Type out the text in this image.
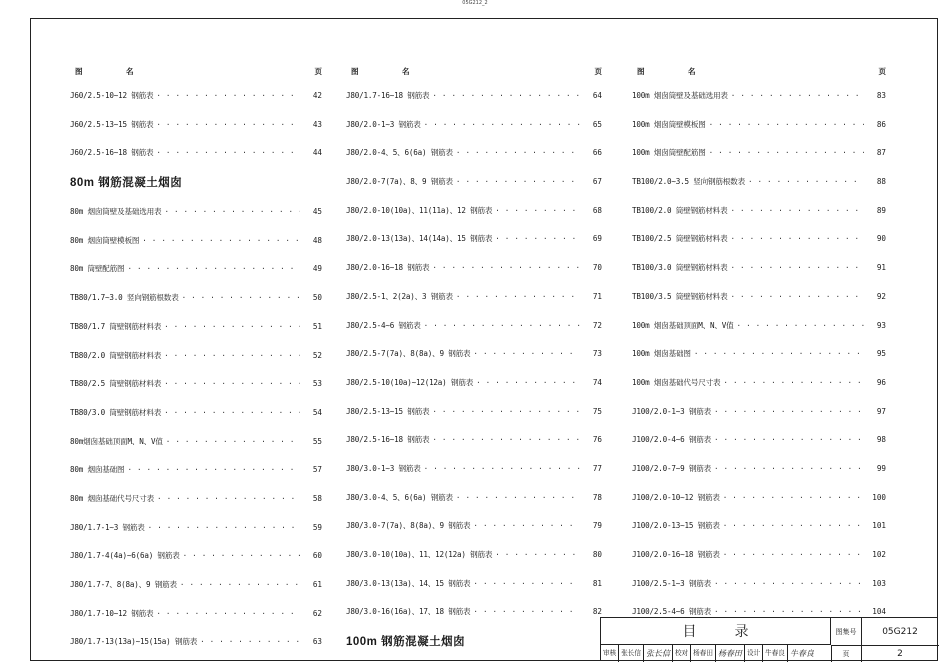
05G212_2
图	名	页
J60/2.5-10~12 钢筋表 · · ·	42
J60/2.5-13~15 钢筋表 · · ·	43
J60/2.5-16~18 钢筋表 · · ·	44
80m 钢筋混凝土烟囱
80m 烟囱筒壁及基础选用表 · · ·	45
80m 烟囱筒壁模板图 · · ·	48
80m 筒壁配筋图 · · ·	49
TB80/1.7~3.0 竖向钢筋根数表 · · ·	50
TB80/1.7 筒壁钢筋材料表 · · ·	51
TB80/2.0 筒壁钢筋材料表 · · ·	52
TB80/2.5 筒壁钢筋材料表 · · ·	53
TB80/3.0 筒壁钢筋材料表 · · ·	54
80m烟囱基础顶面M、N、V值 · · ·	55
80m 烟囱基础图 · · ·	57
80m 烟囱基础代号尺寸表 · · ·	58
J80/1.7-1~3 钢筋表 · · ·	59
J80/1.7-4(4a)~6(6a) 钢筋表 · · ·	60
J80/1.7-7、8(8a)、9 钢筋表 · · ·	61
J80/1.7-10~12 钢筋表 · · ·	62
J80/1.7-13(13a)~15(15a) 钢筋表 · · ·	63
图	名	页
J80/1.7-16~18 钢筋表 · · ·	64
J80/2.0-1~3 钢筋表 · · ·	65
J80/2.0-4、5、6(6a) 钢筋表 · · ·	66
J80/2.0-7(7a)、8、9 钢筋表 · · ·	67
J80/2.0-10(10a)、11(11a)、12 钢筋表 · · ·	68
J80/2.0-13(13a)、14(14a)、15 钢筋表 · · ·	69
J80/2.0-16~18 钢筋表 · · ·	70
J80/2.5-1、2(2a)、3 钢筋表 · · ·	71
J80/2.5-4~6 钢筋表 · · ·	72
J80/2.5-7(7a)、8(8a)、9 钢筋表 · · ·	73
J80/2.5-10(10a)~12(12a) 钢筋表 · · ·	74
J80/2.5-13~15 钢筋表 · · ·	75
J80/2.5-16~18 钢筋表 · · ·	76
J80/3.0-1~3 钢筋表 · · ·	77
J80/3.0-4、5、6(6a) 钢筋表 · · ·	78
J80/3.0-7(7a)、8(8a)、9 钢筋表 · · ·	79
J80/3.0-10(10a)、11、12(12a) 钢筋表 · · ·	80
J80/3.0-13(13a)、14、15 钢筋表 · · ·	81
J80/3.0-16(16a)、17、18 钢筋表 · · ·	82
100m 钢筋混凝土烟囱
图	名	页
100m 烟囱筒壁及基础选用表 · · ·	83
100m 烟囱筒壁模板图 · · ·	86
100m 烟囱筒壁配筋图 · · ·	87
TB100/2.0~3.5 竖向钢筋根数表 · · ·	88
TB100/2.0 筒壁钢筋材料表 · · ·	89
TB100/2.5 筒壁钢筋材料表 · · ·	90
TB100/3.0 筒壁钢筋材料表 · · ·	91
TB100/3.5 筒壁钢筋材料表 · · ·	92
100m 烟囱基础顶面M、N、V值 · · ·	93
100m 烟囱基础图 · · ·	95
100m 烟囱基础代号尺寸表 · · ·	96
J100/2.0-1~3 钢筋表 · · ·	97
J100/2.0-4~6 钢筋表 · · ·	98
J100/2.0-7~9 钢筋表 · · ·	99
J100/2.0-10~12 钢筋表 · · ·	100
J100/2.0-13~15 钢筋表 · · ·	101
J100/2.0-16~18 钢筋表 · · ·	102
J100/2.5-1~3 钢筋表 · · ·	103
J100/2.5-4~6 钢筋表 · · ·	104
目录	图集号	05G212
审核 张长信 张长信 校对 杨春田 杨春田 设计 牛春良 牛春良	页	2
